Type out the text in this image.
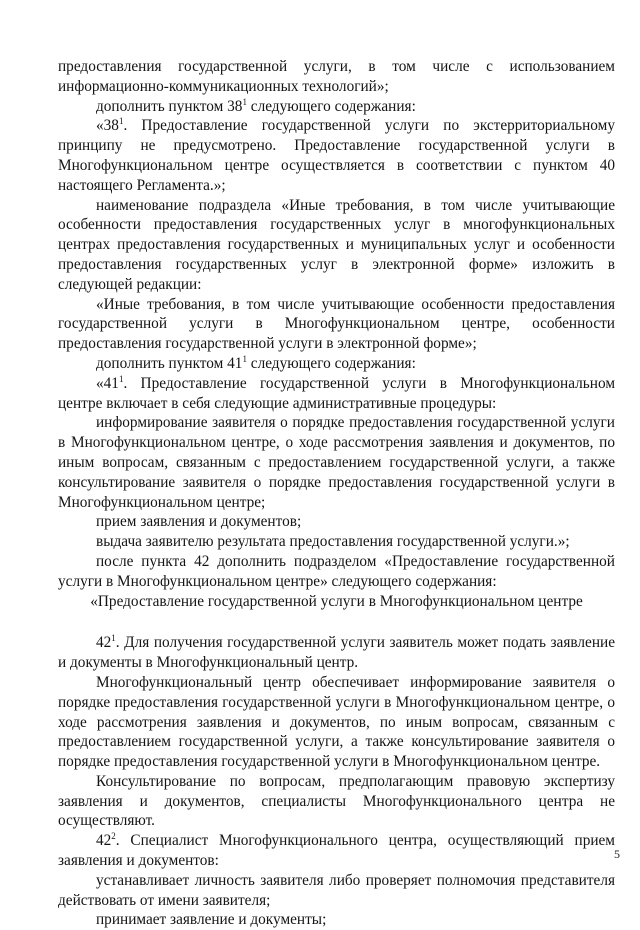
предоставления государственной услуги, в том числе с использованием информационно-коммуникационных технологий»;

дополнить пунктом $38^1$ следующего содержания:

«$38^1$. Предоставление государственной услуги по экстерриториальному принципу не предусмотрено. Предоставление государственной услуги в Многофункциональном центре осуществляется в соответствии с пунктом 40 настоящего Регламента.»;

наименование подраздела «Иные требования, в том числе учитывающие особенности предоставления государственных услуг в многофункциональных центрах предоставления государственных и муниципальных услуг и особенности предоставления государственных услуг в электронной форме» изложить в следующей редакции:

«Иные требования, в том числе учитывающие особенности предоставления государственной услуги в Многофункциональном центре, особенности предоставления государственной услуги в электронной форме»;

дополнить пунктом $41^1$ следующего содержания:

«$41^1$. Предоставление государственной услуги в Многофункциональном центре включает в себя следующие административные процедуры:

информирование заявителя о порядке предоставления государственной услуги в Многофункциональном центре, о ходе рассмотрения заявления и документов, по иным вопросам, связанным с предоставлением государственной услуги, а также консультирование заявителя о порядке предоставления государственной услуги в Многофункциональном центре;

прием заявления и документов;

выдача заявителю результата предоставления государственной услуги.»;

после пункта 42 дополнить подразделом «Предоставление государственной услуги в Многофункциональном центре» следующего содержания:

«Предоставление государственной услуги в Многофункциональном центре

$42^1$. Для получения государственной услуги заявитель может подать заявление и документы в Многофункциональный центр.

Многофункциональный центр обеспечивает информирование заявителя о порядке предоставления государственной услуги в Многофункциональном центре, о ходе рассмотрения заявления и документов, по иным вопросам, связанным с предоставлением государственной услуги, а также консультирование заявителя о порядке предоставления государственной услуги в Многофункциональном центре.

Консультирование по вопросам, предполагающим правовую экспертизу заявления и документов, специалисты Многофункционального центра не осуществляют.

$42^2$. Специалист Многофункционального центра, осуществляющий прием заявления и документов:

устанавливает личность заявителя либо проверяет полномочия представителя действовать от имени заявителя;

принимает заявление и документы;

5
